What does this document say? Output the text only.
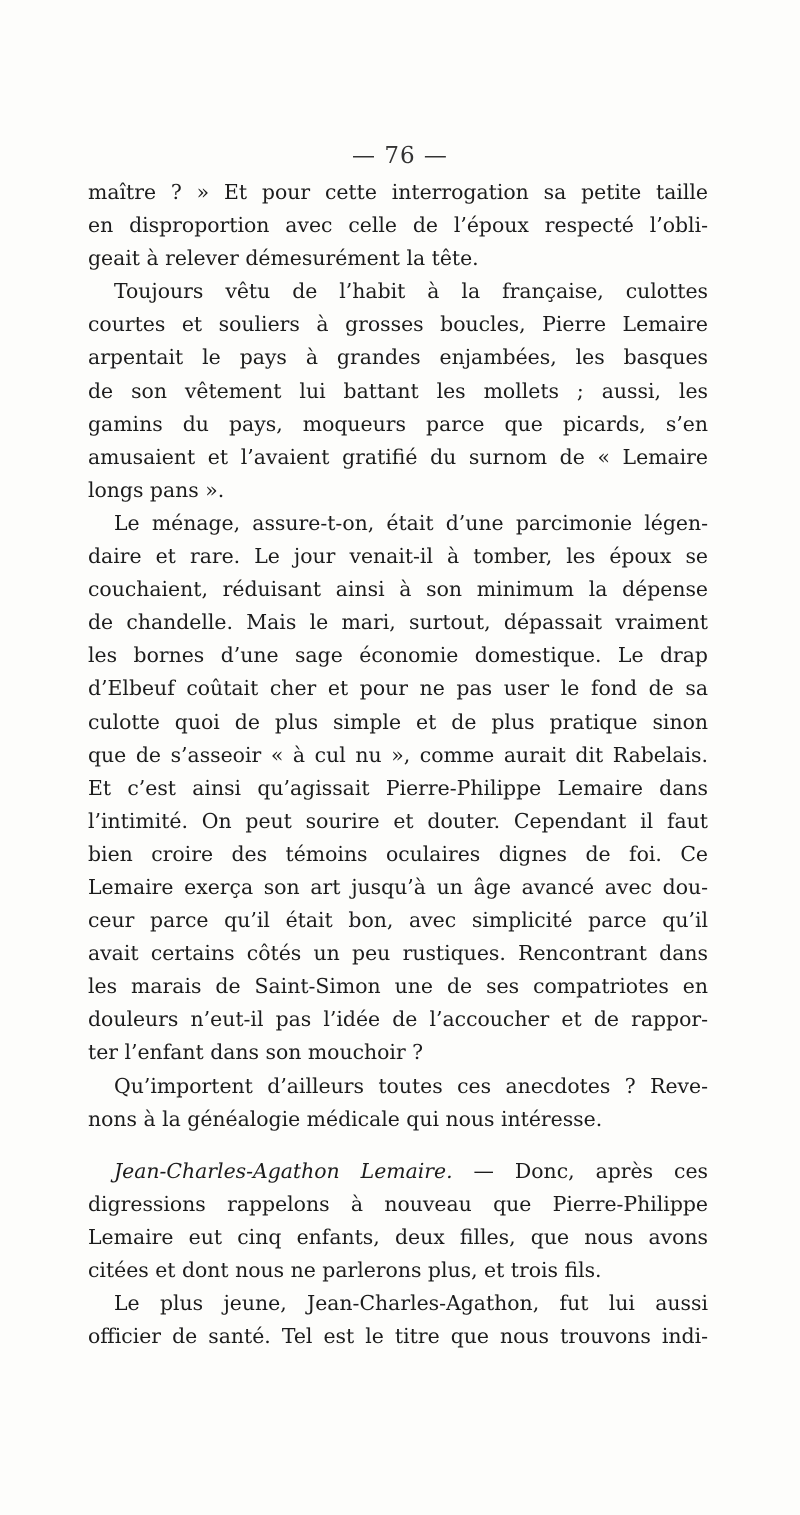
— 76 —
maître ? » Et pour cette interrogation sa petite taille
en disproportion avec celle de l’époux respecté l’obli-
geait à relever démesurément la tête.
Toujours vêtu de l’habit à la française, culottes
courtes et souliers à grosses boucles, Pierre Lemaire
arpentait le pays à grandes enjambées, les basques
de son vêtement lui battant les mollets ; aussi, les
gamins du pays, moqueurs parce que picards, s’en
amusaient et l’avaient gratifié du surnom de « Lemaire
longs pans ».
Le ménage, assure-t-on, était d’une parcimonie légen-
daire et rare. Le jour venait-il à tomber, les époux se
couchaient, réduisant ainsi à son minimum la dépense
de chandelle. Mais le mari, surtout, dépassait vraiment
les bornes d’une sage économie domestique. Le drap
d’Elbeuf coûtait cher et pour ne pas user le fond de sa
culotte quoi de plus simple et de plus pratique sinon
que de s’asseoir « à cul nu », comme aurait dit Rabelais.
Et c’est ainsi qu’agissait Pierre-Philippe Lemaire dans
l’intimité. On peut sourire et douter. Cependant il faut
bien croire des témoins oculaires dignes de foi. Ce
Lemaire exerça son art jusqu’à un âge avancé avec dou-
ceur parce qu’il était bon, avec simplicité parce qu’il
avait certains côtés un peu rustiques. Rencontrant dans
les marais de Saint-Simon une de ses compatriotes en
douleurs n’eut-il pas l’idée de l’accoucher et de rappor-
ter l’enfant dans son mouchoir ?
Qu’importent d’ailleurs toutes ces anecdotes ? Reve-
nons à la généalogie médicale qui nous intéresse.
Jean-Charles-Agathon Lemaire. — Donc, après ces
digressions rappelons à nouveau que Pierre-Philippe
Lemaire eut cinq enfants, deux filles, que nous avons
citées et dont nous ne parlerons plus, et trois fils.
Le plus jeune, Jean-Charles-Agathon, fut lui aussi
officier de santé. Tel est le titre que nous trouvons indi-
